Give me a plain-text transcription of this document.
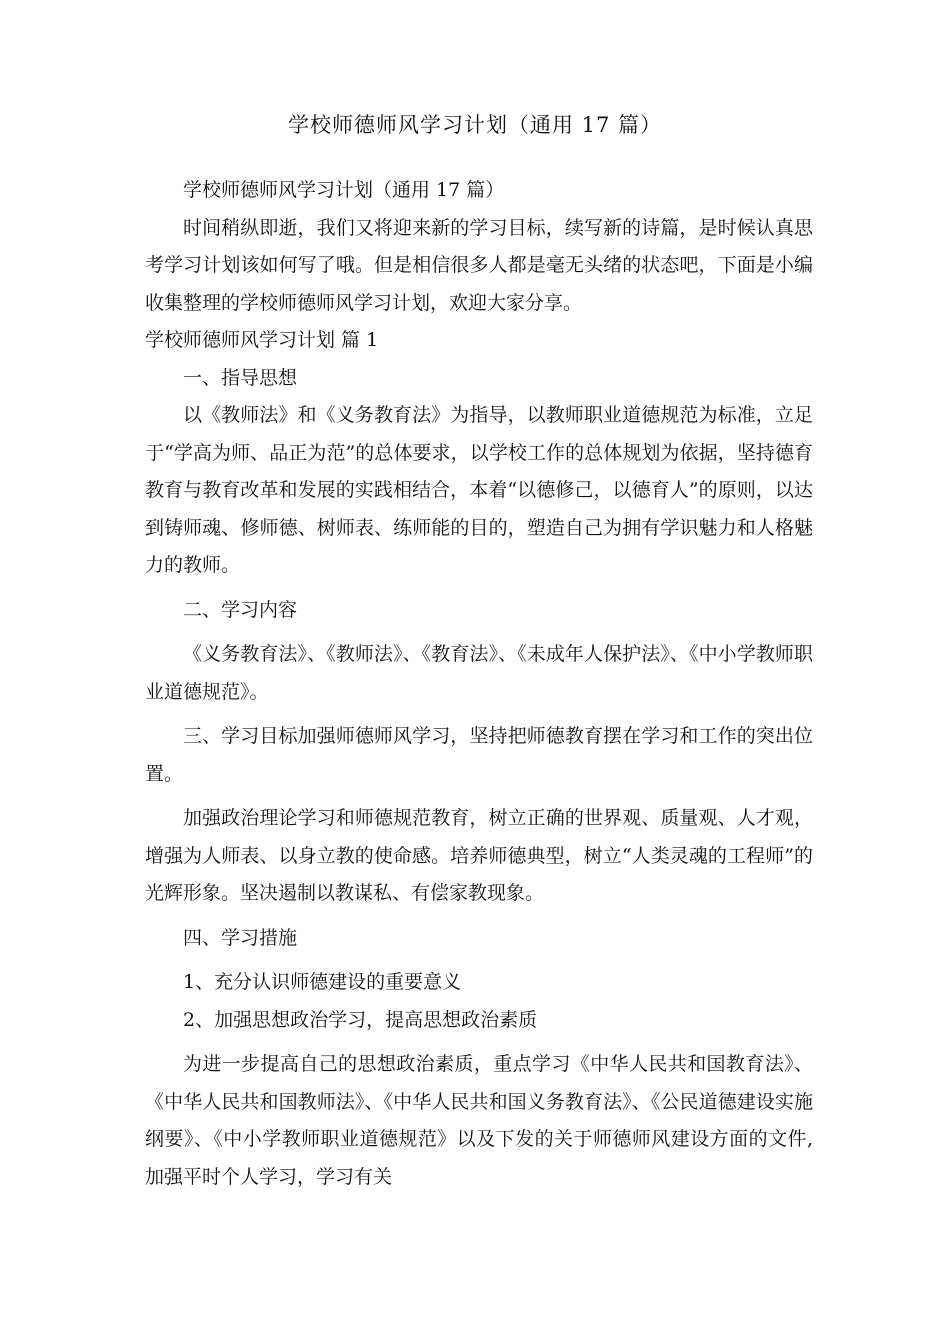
学校师德师风学习计划（通用 17 篇）

学校师德师风学习计划（通用 17 篇）

时间稍纵即逝，我们又将迎来新的学习目标，续写新的诗篇，是时候认真思考学习计划该如何写了哦。但是相信很多人都是毫无头绪的状态吧，下面是小编收集整理的学校师德师风学习计划，欢迎大家分享。

学校师德师风学习计划 篇 1

一、指导思想

以《教师法》和《义务教育法》为指导，以教师职业道德规范为标准，立足于“学高为师、品正为范”的总体要求，以学校工作的总体规划为依据，坚持德育教育与教育改革和发展的实践相结合，本着“以德修己，以德育人”的原则，以达到铸师魂、修师德、树师表、练师能的目的，塑造自己为拥有学识魅力和人格魅力的教师。

二、学习内容

《义务教育法》、《教师法》、《教育法》、《未成年人保护法》、《中小学教师职业道德规范》。

三、学习目标加强师德师风学习，坚持把师德教育摆在学习和工作的突出位置。

加强政治理论学习和师德规范教育，树立正确的世界观、质量观、人才观，增强为人师表、以身立教的使命感。培养师德典型，树立“人类灵魂的工程师”的光辉形象。坚决遏制以教谋私、有偿家教现象。

四、学习措施

1、充分认识师德建设的重要意义

2、加强思想政治学习，提高思想政治素质

为进一步提高自己的思想政治素质，重点学习《中华人民共和国教育法》、《中华人民共和国教师法》、《中华人民共和国义务教育法》、《公民道德建设实施纲要》、《中小学教师职业道德规范》以及下发的关于师德师风建设方面的文件,加强平时个人学习，学习有关
